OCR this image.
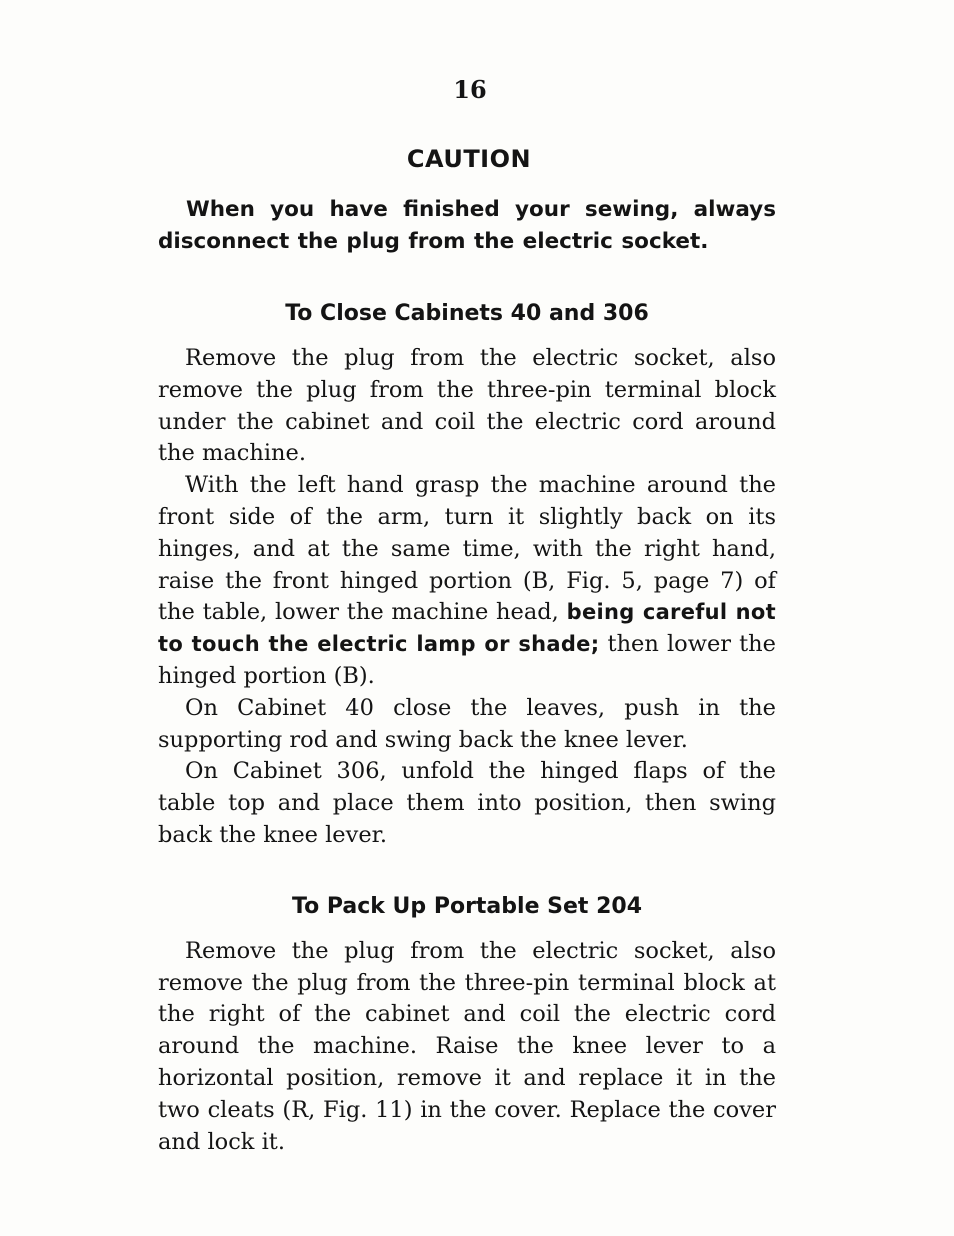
16
CAUTION

When you have finished your sewing, always disconnect the plug from the electric socket.

To Close Cabinets 40 and 306

Remove the plug from the electric socket, also remove the plug from the three-pin terminal block under the cabinet and coil the electric cord around the machine.

With the left hand grasp the machine around the front side of the arm, turn it slightly back on its hinges, and at the same time, with the right hand, raise the front hinged portion (B, Fig. 5, page 7) of the table, lower the machine head, being careful not to touch the electric lamp or shade; then lower the hinged portion (B).

On Cabinet 40 close the leaves, push in the supporting rod and swing back the knee lever.

On Cabinet 306, unfold the hinged flaps of the table top and place them into position, then swing back the knee lever.

To Pack Up Portable Set 204

Remove the plug from the electric socket, also remove the plug from the three-pin terminal block at the right of the cabinet and coil the electric cord around the machine. Raise the knee lever to a horizontal position, remove it and replace it in the two cleats (R, Fig. 11) in the cover. Replace the cover and lock it.
